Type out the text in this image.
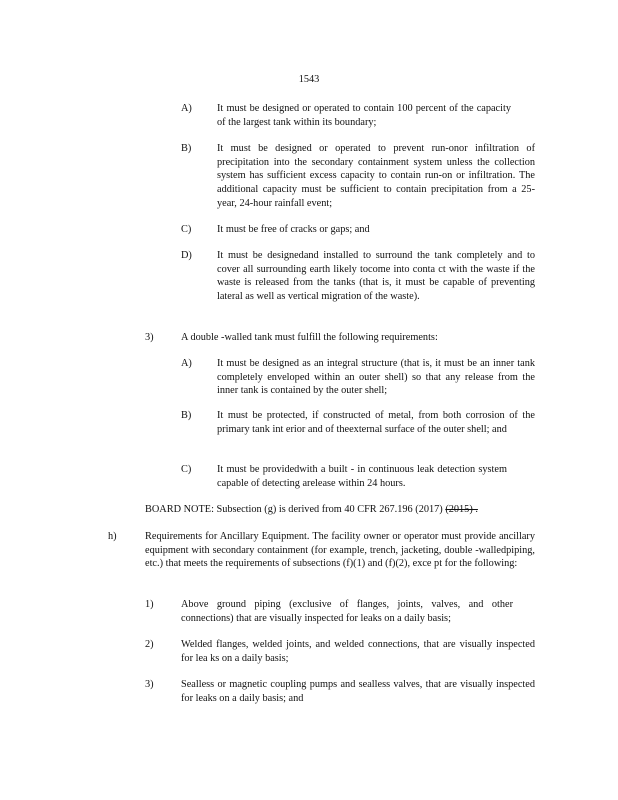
1543
A) It must be designed or operated to contain 100 percent of the capacity of the largest tank within its boundary;
B) It must be designed or operated to prevent run-onor infiltration of precipitation into the secondary containment system unless the collection system has sufficient excess capacity to contain run-on or infiltration. The additional capacity must be sufficient to contain precipitation from a 25-year, 24-hour rainfall event;
C) It must be free of cracks or gaps; and
D) It must be designedand installed to surround the tank completely and to cover all surrounding earth likely tocome into conta ct with the waste if the waste is released from the tanks (that is, it must be capable of preventing lateral as well as vertical migration of the waste).
3)	A double -walled tank must fulfill the following requirements:
A) It must be designed as an integral structure (that is, it must be an inner tank completely enveloped within an outer shell) so that any release from the inner tank is contained by the outer shell;
B) It must be protected, if constructed of metal, from both corrosion of the primary tank int erior and of theexternal surface of the outer shell; and
C) It must be providedwith a built - in continuous leak detection system capable of detecting arelease within 24 hours.
BOARD NOTE: Subsection (g) is derived from 40 CFR 267.196 (2017) (2015) .
h)	Requirements for Ancillary Equipment. The facility owner or operator must provide ancillary equipment with secondary containment (for example, trench, jacketing, double -walledpiping, etc.) that meets the requirements of subsections (f)(1) and (f)(2), exce pt for the following:
1)	Above ground piping (exclusive of flanges, joints, valves, and other connections) that are visually inspected for leaks on a daily basis;
2)	Welded flanges, welded joints, and welded connections, that are visually inspected for lea ks on a daily basis;
3)	Sealless or magnetic coupling pumps and sealless valves, that are visually inspected for leaks on a daily basis; and
